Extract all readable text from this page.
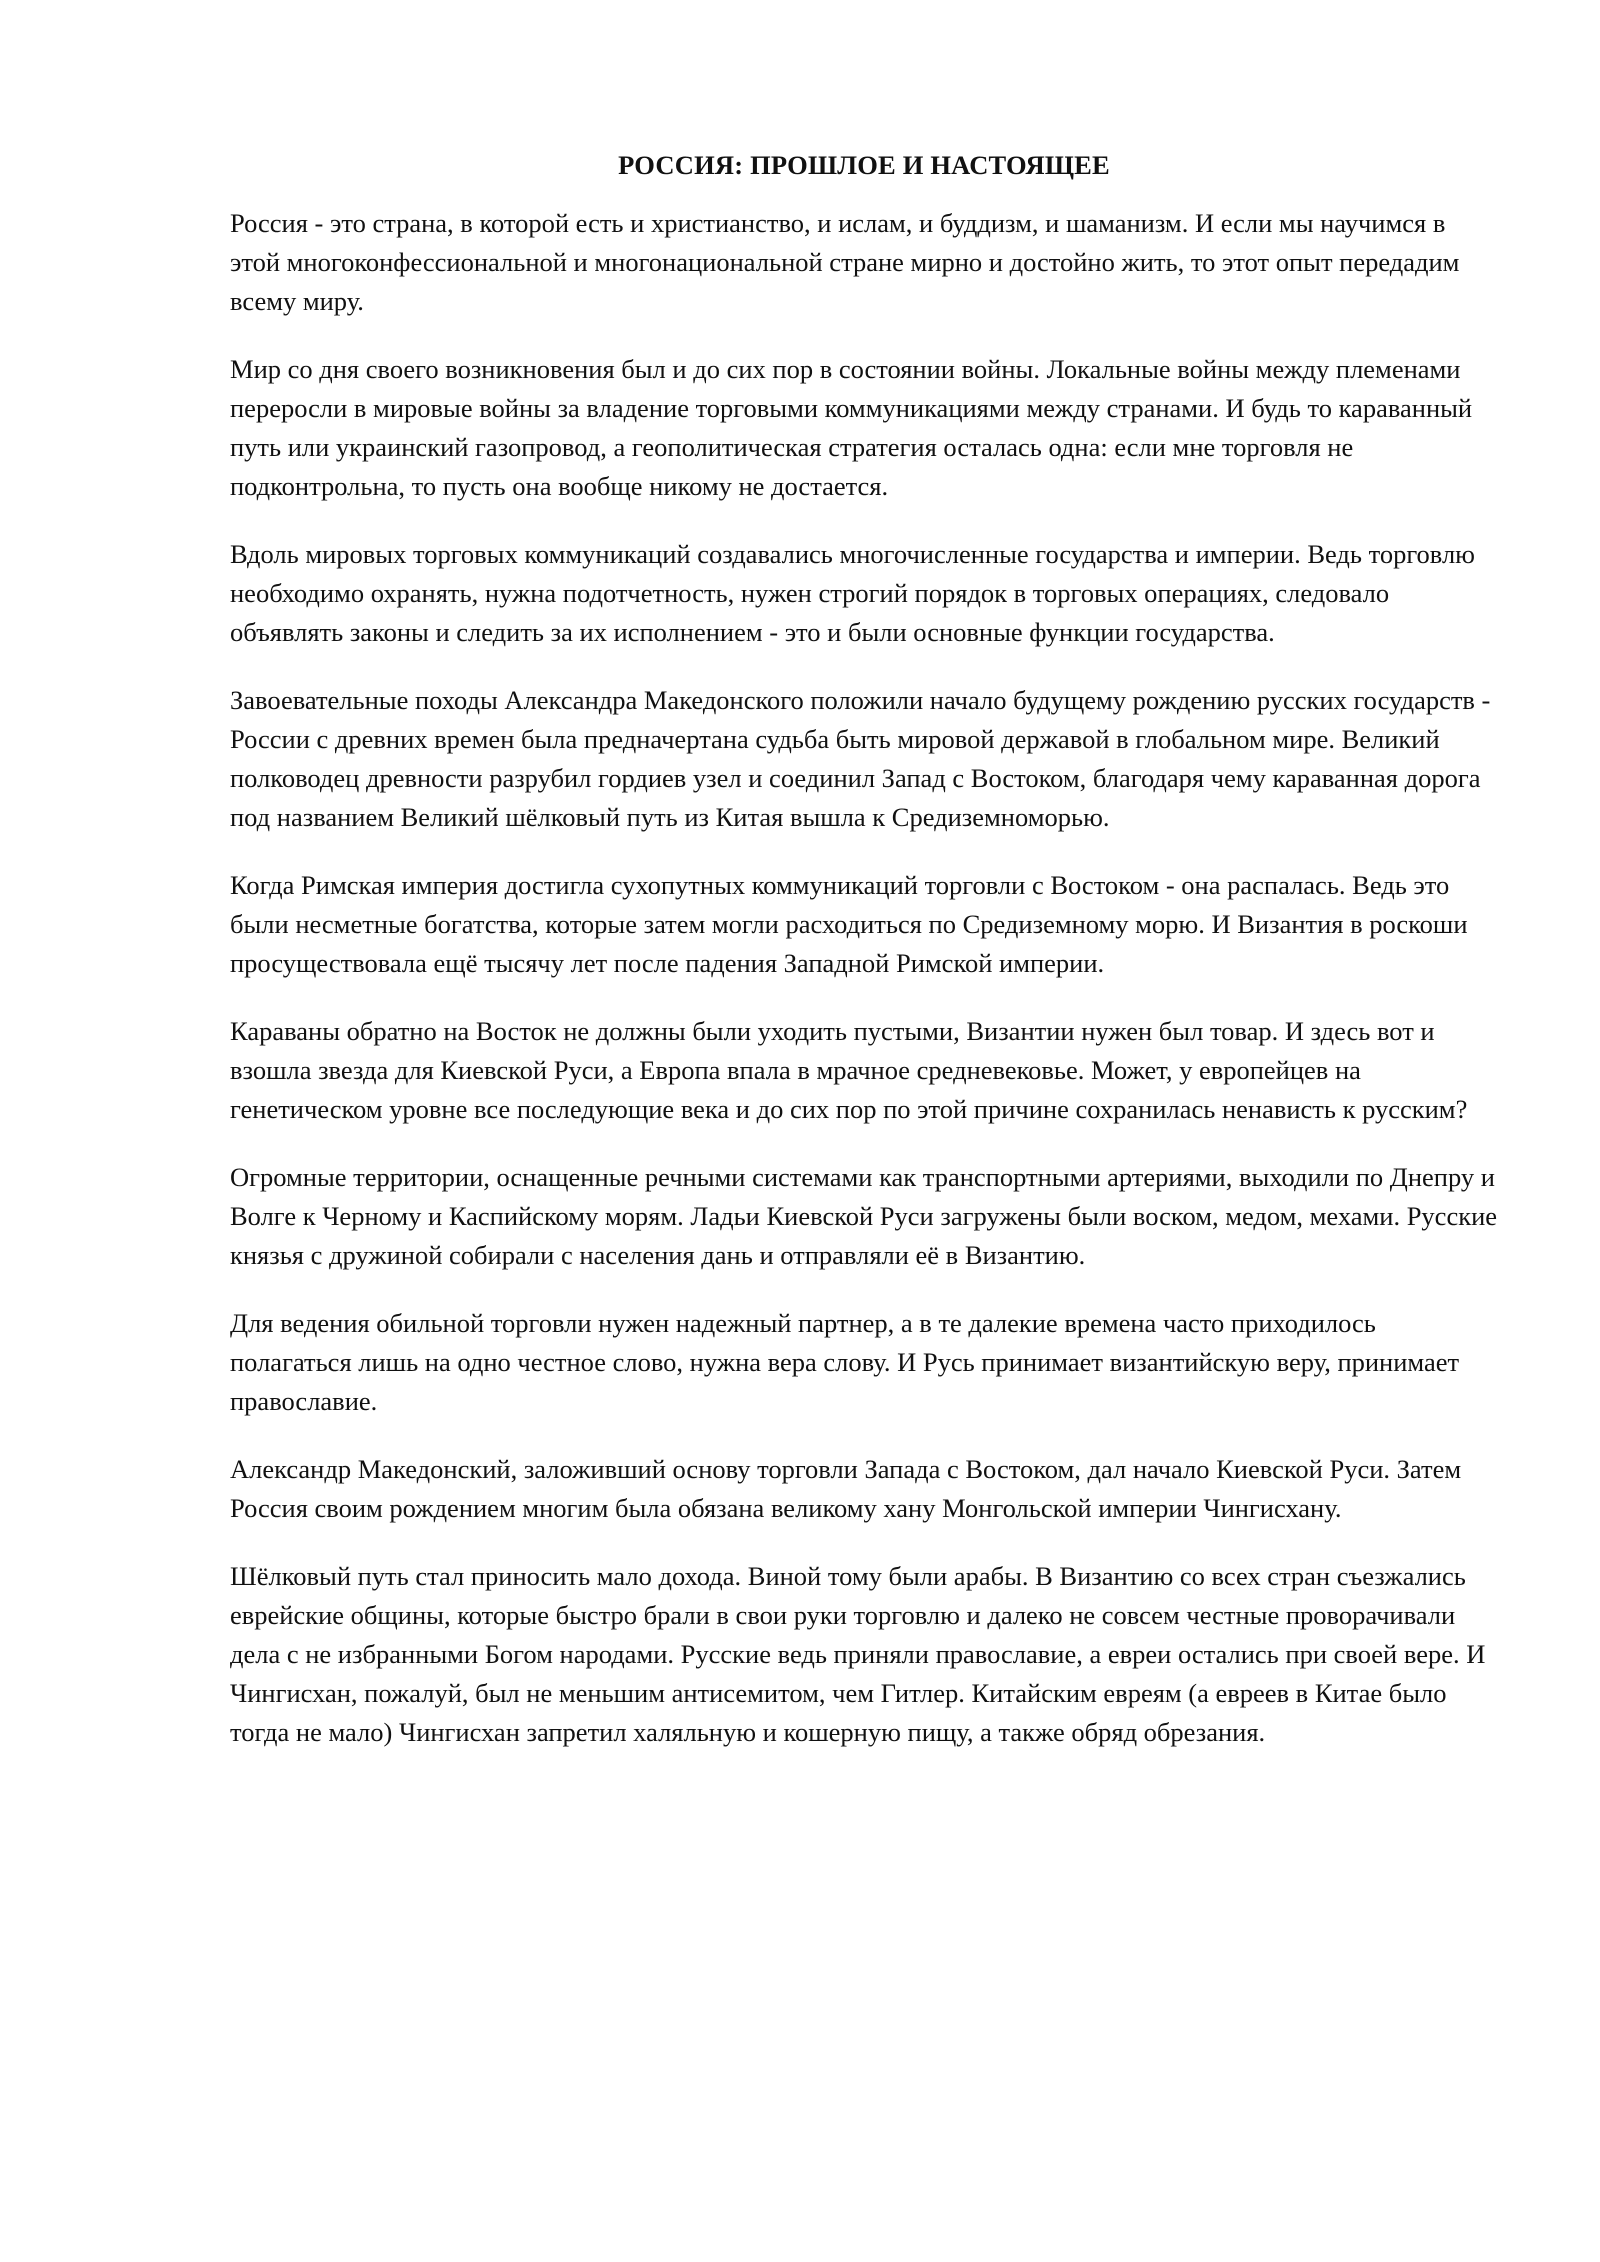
РОССИЯ: ПРОШЛОЕ И НАСТОЯЩЕЕ

Россия - это страна, в которой есть и христианство, и ислам, и буддизм, и шаманизм. И если мы научимся в этой многоконфессиональной и многонациональной стране мирно и достойно жить, то этот опыт передадим всему миру.

Мир со дня своего возникновения был и до сих пор в состоянии войны. Локальные войны между племенами переросли в мировые войны за владение торговыми коммуникациями между странами. И будь то караванный путь или украинский газопровод, а геополитическая стратегия осталась одна: если мне торговля не подконтрольна, то пусть она вообще никому не достается.

Вдоль мировых торговых коммуникаций создавались многочисленные государства и империи. Ведь торговлю необходимо охранять, нужна подотчетность, нужен строгий порядок в торговых операциях, следовало объявлять законы и следить за их исполнением - это и были основные функции государства.

Завоевательные походы Александра Македонского положили начало будущему рождению русских государств - России с древних времен была предначертана судьба быть мировой державой в глобальном мире. Великий полководец древности разрубил гордиев узел и соединил Запад с Востоком, благодаря чему караванная дорога под названием Великий шёлковый путь из Китая вышла к Средиземноморью.

Когда Римская империя достигла сухопутных коммуникаций торговли с Востоком - она распалась. Ведь это были несметные богатства, которые затем могли расходиться по Средиземному морю. И Византия в роскоши просуществовала ещё тысячу лет после падения Западной Римской империи.

Караваны обратно на Восток не должны были уходить пустыми, Византии нужен был товар. И здесь вот и взошла звезда для Киевской Руси, а Европа впала в мрачное средневековье. Может, у европейцев на генетическом уровне все последующие века и до сих пор по этой причине сохранилась ненависть к русским?

Огромные территории, оснащенные речными системами как транспортными артериями, выходили по Днепру и Волге к Черному и Каспийскому морям. Ладьи Киевской Руси загружены были воском, медом, мехами. Русские князья с дружиной собирали с населения дань и отправляли её в Византию.

Для ведения обильной торговли нужен надежный партнер, а в те далекие времена часто приходилось полагаться лишь на одно честное слово, нужна вера слову. И Русь принимает византийскую веру, принимает православие.

Александр Македонский, заложивший основу торговли Запада с Востоком, дал начало Киевской Руси. Затем Россия своим рождением многим была обязана великому хану Монгольской империи Чингисхану.

Шёлковый путь стал приносить мало дохода. Виной тому были арабы. В Византию со всех стран съезжались еврейские общины, которые быстро брали в свои руки торговлю и далеко не совсем честные проворачивали дела с не избранными Богом народами. Русские ведь приняли православие, а евреи остались при своей вере. И Чингисхан, пожалуй, был не меньшим антисемитом, чем Гитлер. Китайским евреям (а евреев в Китае было тогда не мало) Чингисхан запретил халяльную и кошерную пищу, а также обряд обрезания.
